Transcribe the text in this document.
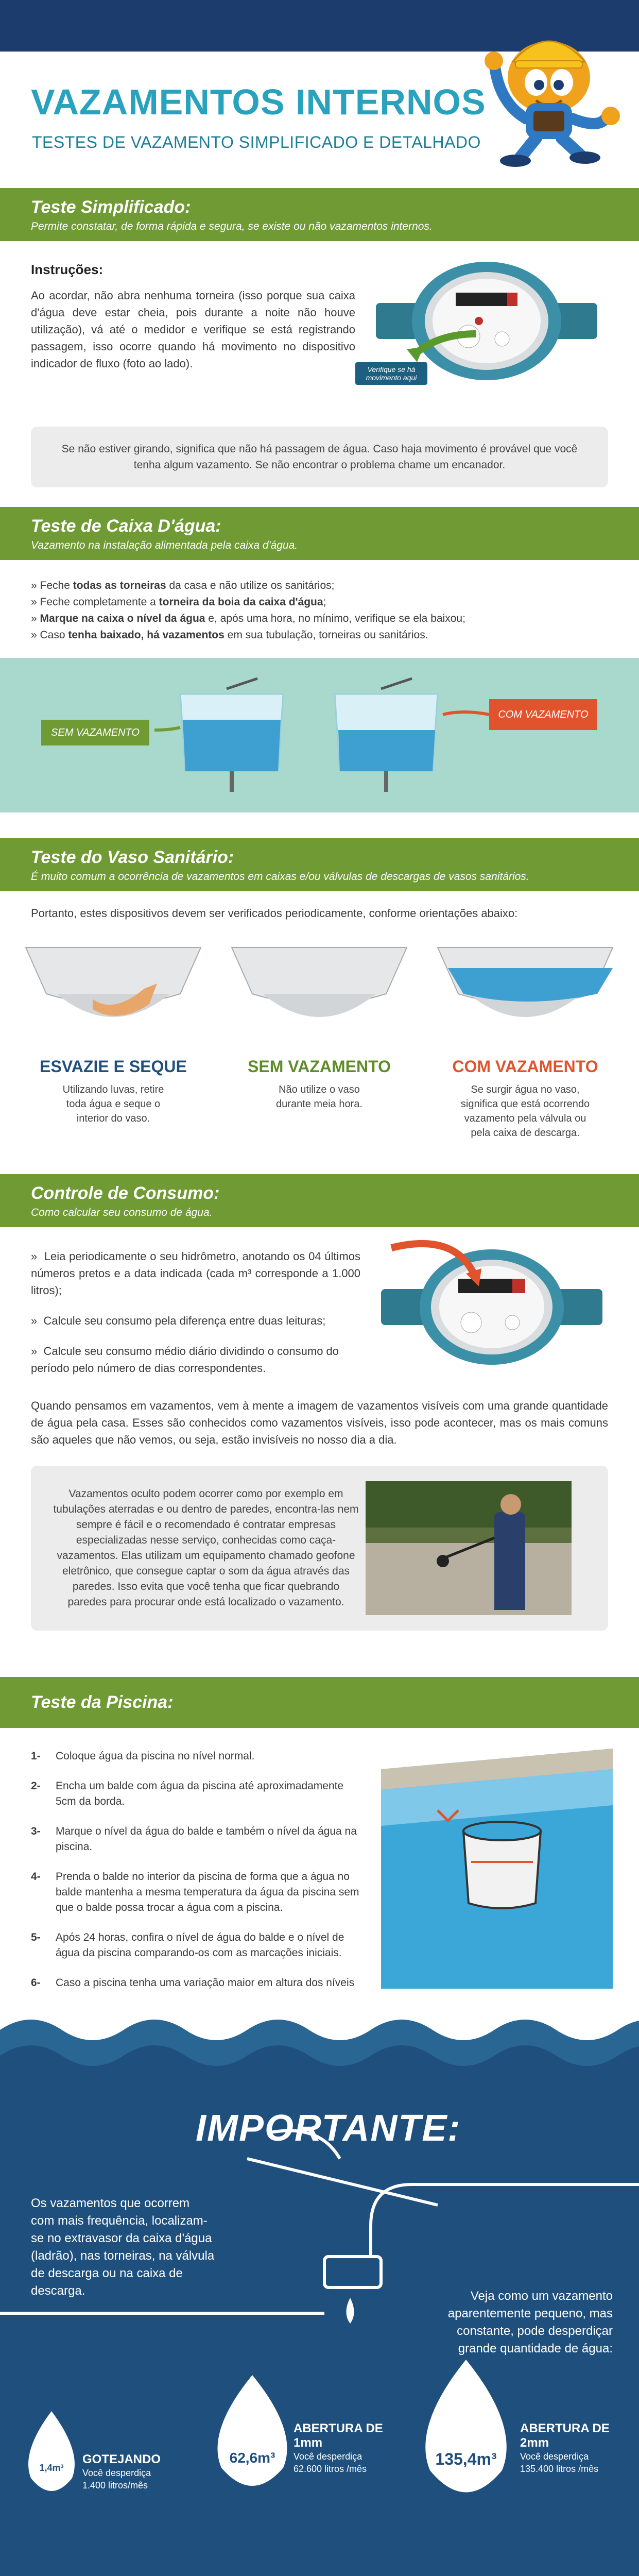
VAZAMENTOS INTERNOS
TESTES DE VAZAMENTO SIMPLIFICADO E DETALHADO
Teste Simplificado:

Permite constatar, de forma rápida e segura, se existe ou não vazamentos internos.

Instruções:

Ao acordar, não abra nenhuma torneira (isso porque sua caixa d'água deve estar cheia, pois durante a noite não houve utilização), vá até o medidor e verifique se está registrando passagem, isso ocorre quando há movimento no dispositivo indicador de fluxo (foto ao lado).	Verifique se há movimento aqui
Se não estiver girando, significa que não há passagem de água. Caso haja movimento é provável que você tenha algum vazamento. Se não encontrar o problema chame um encanador.
Teste de Caixa D'água:

Vazamento na instalação alimentada pela caixa d'água.

» Feche todas as torneiras da casa e não utilize os sanitários;
» Feche completamente a torneira da boia da caixa d'água;
» Marque na caixa o nível da água e, após uma hora, no mínimo, verifique se ela baixou;
» Caso tenha baixado, há vazamentos em sua tubulação, torneiras ou sanitários.
SEM VAZAMENTO
COM VAZAMENTO
Teste do Vaso Sanitário:

É muito comum a ocorrência de vazamentos em caixas e/ou válvulas de descargas de vasos sanitários.

Portanto, estes dispositivos devem ser verificados periodicamente, conforme orientações abaixo:

ESVAZIE E SEQUE

Utilizando luvas, retire toda água e seque o interior do vaso.

SEM VAZAMENTO

Não utilize o vaso durante meia hora.

COM VAZAMENTO

Se surgir água no vaso, significa que está ocorrendo vazamento pela válvula ou pela caixa de descarga.

Controle de Consumo:

Como calcular seu consumo de água.

»  Leia periodicamente o seu hidrômetro, anotando os 04 últimos números pretos e a data indicada (cada m³ corresponde a 1.000 litros);
»  Calcule seu consumo pela diferença entre duas leituras;
»  Calcule seu consumo médio diário dividindo o consumo do período pelo número de dias correspondentes.

Quando pensamos em vazamentos, vem à mente a imagem de vazamentos visíveis com uma grande quantidade de água pela casa. Esses são conhecidos como vazamentos visíveis, isso pode acontecer, mas os mais comuns são aqueles que não vemos, ou seja, estão invisíveis no nosso dia a dia.

Vazamentos oculto podem ocorrer como por exemplo em tubulações aterradas e ou dentro de paredes, encontra-las nem sempre é fácil e o recomendado é contratar empresas especializadas nesse serviço, conhecidas como caça-vazamentos. Elas utilizam um equipamento chamado geofone eletrônico, que consegue captar o som da água através das paredes. Isso evita que você tenha que ficar quebrando paredes para procurar onde está localizado o vazamento.

Teste da Piscina:
1-	Coloque água da piscina no nível normal.
2-	Encha um balde com água da piscina até aproximadamente 5cm da borda.
3-	Marque o nível da água do balde e também o nível da água na piscina.
4-	Prenda o balde no interior da piscina de forma que a água no balde mantenha a mesma temperatura da água da piscina sem que o balde possa trocar a água com a piscina.
5-	Após 24 horas, confira o nível de água do balde e o nível de água da piscina comparando-os com as marcações iniciais.
6-	Caso a piscina tenha uma variação maior em altura dos níveis
IMPORTANTE:

Os vazamentos que ocorrem com mais frequência, localizam-se no extravasor da caixa d'água (ladrão), nas torneiras, na válvula de descarga ou na caixa de descarga.	Veja como um vazamento aparentemente pequeno, mas constante, pode desperdiçar grande quantidade de água:

1,4m³
GOTEJANDO

Você desperdiça

1.400 litros/mês

62,6m³
ABERTURA DE 1mm

Você desperdiça

62.600 litros /mês

135,4m³
ABERTURA DE 2mm

Você desperdiça

135.400 litros /mês
